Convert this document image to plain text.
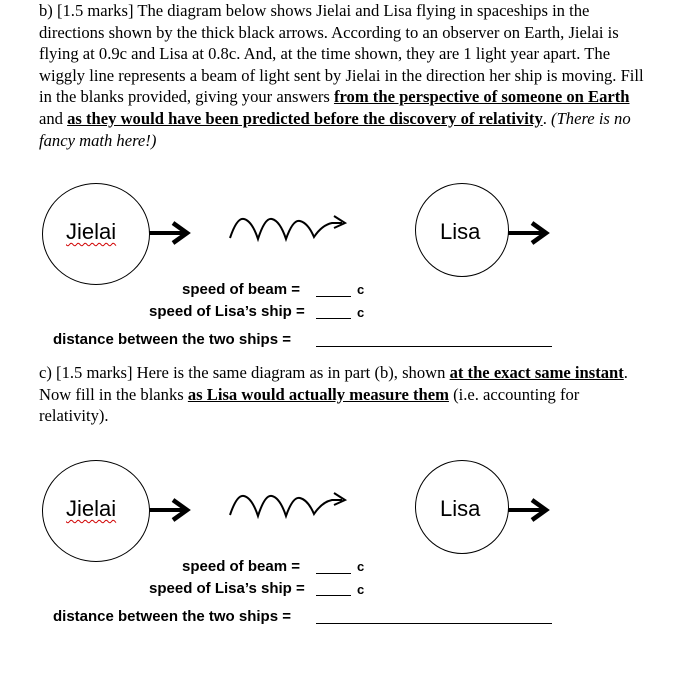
b) [1.5 marks] The diagram below shows Jielai and Lisa flying in spaceships in the directions shown by the thick black arrows. According to an observer on Earth, Jielai is flying at 0.9c and Lisa at 0.8c. And, at the time shown, they are 1 light year apart. The wiggly line represents a beam of light sent by Jielai in the direction her ship is moving. Fill in the blanks provided, giving your answers from the perspective of someone on Earth and as they would have been predicted before the discovery of relativity. (There is no fancy math here!)

Jielai	Lisa
speed of beam =	c
speed of Lisa’s ship =	c
distance between the two ships =

c) [1.5 marks] Here is the same diagram as in part (b), shown at the exact same instant. Now fill in the blanks as Lisa would actually measure them (i.e. accounting for relativity).

Jielai	Lisa
speed of beam =	c
speed of Lisa’s ship =	c
distance between the two ships =
